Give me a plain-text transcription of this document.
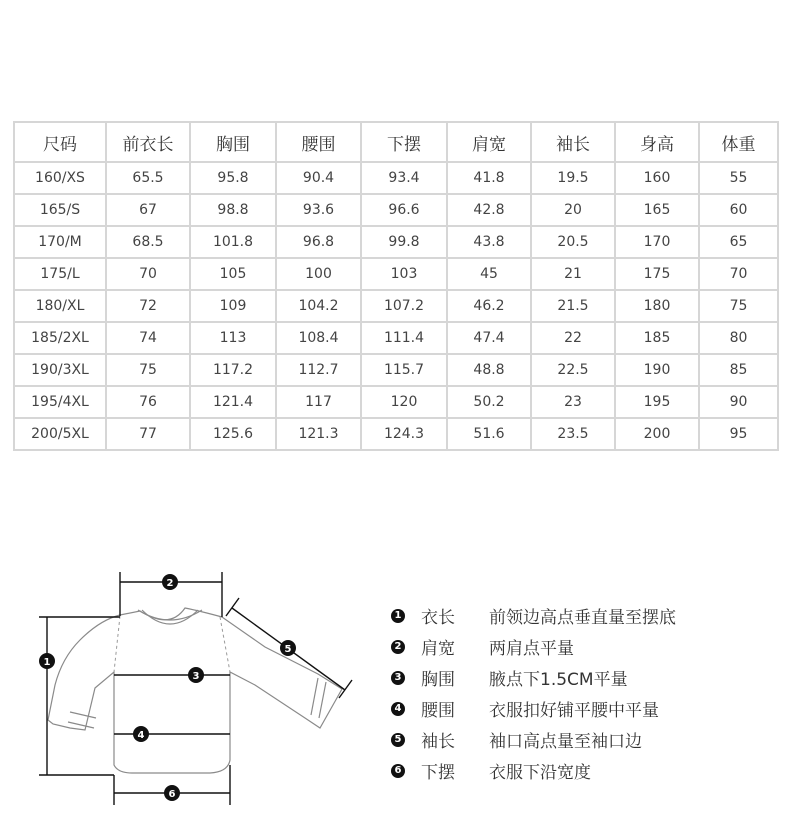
尺码	前衣长	胸围	腰围	下摆	肩宽	袖长	身高	体重
160/XS	65.5	95.8	90.4	93.4	41.8	19.5	160	55
165/S	67	98.8	93.6	96.6	42.8	20	165	60
170/M	68.5	101.8	96.8	99.8	43.8	20.5	170	65
175/L	70	105	100	103	45	21	175	70
180/XL	72	109	104.2	107.2	46.2	21.5	180	75
185/2XL	74	113	108.4	111.4	47.4	22	185	80
190/3XL	75	117.2	112.7	115.7	48.8	22.5	190	85
195/4XL	76	121.4	117	120	50.2	23	195	90
200/5XL	77	125.6	121.3	124.3	51.6	23.5	200	95
1
2
3
4
5
6
1 衣长	前领边高点垂直量至摆底
2 肩宽	两肩点平量
3 胸围	腋点下1.5CM平量
4 腰围	衣服扣好铺平腰中平量
5 袖长	袖口高点量至袖口边
6 下摆	衣服下沿宽度
